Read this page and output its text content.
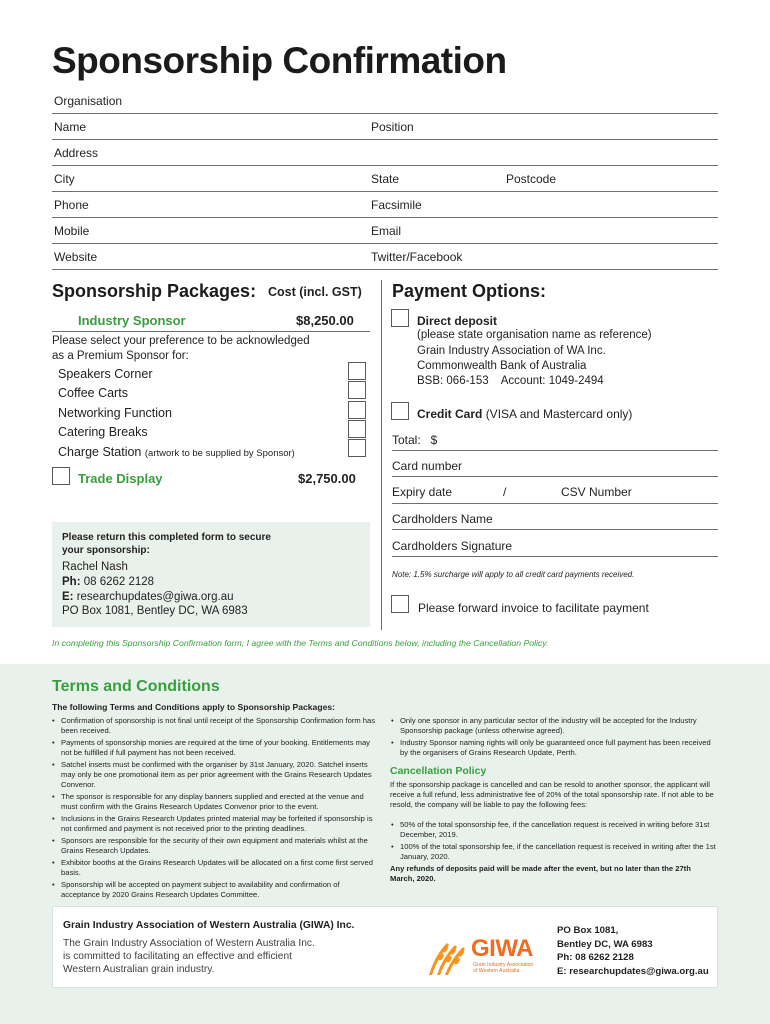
Sponsorship Confirmation
Organisation
Name	Position
Address
City	State	Postcode
Phone	Facsimile
Mobile	Email
Website	Twitter/Facebook
Sponsorship Packages: Cost (incl. GST)
Industry Sponsor	$8,250.00
Please select your preference to be acknowledged
as a Premium Sponsor for:
Speakers Corner
Coffee Carts
Networking Function
Catering Breaks
Charge Station (artwork to be supplied by Sponsor)
Trade Display	$2,750.00
Please return this completed form to secure
your sponsorship:
Rachel Nash
Ph: 08 6262 2128
E: researchupdates@giwa.org.au
PO Box 1081, Bentley DC, WA 6983
Payment Options:
Direct deposit
(please state organisation name as reference)
Grain Industry Association of WA Inc.
Commonwealth Bank of Australia
BSB: 066-153    Account: 1049-2494
Credit Card (VISA and Mastercard only)
Total:   $
Card number
Expiry date	/	CSV Number
Cardholders Name
Cardholders Signature
Note: 1.5% surcharge will apply to all credit card payments received.
Please forward invoice to facilitate payment
In completing this Sponsorship Confirmation form, I agree with the Terms and Conditions below, including the Cancellation Policy.
Terms and Conditions
The following Terms and Conditions apply to Sponsorship Packages:
• Confirmation of sponsorship is not final until receipt of the Sponsorship Confirmation form has been received.
• Payments of sponsorship monies are required at the time of your booking. Entitlements may not be fulfilled if full payment has not been received.
• Satchel inserts must be confirmed with the organiser by 31st January, 2020. Satchel inserts may only be one promotional item as per prior agreement with the Grains Research Updates Convenor.
• The sponsor is responsible for any display banners supplied and erected at the venue and must confirm with the Grains Research Updates Convenor prior to the event.
• Inclusions in the Grains Research Updates printed material may be forfeited if sponsorship is not confirmed and payment is not received prior to the printing deadlines.
• Sponsors are responsible for the security of their own equipment and materials whilst at the Grains Research Updates.
• Exhibitor booths at the Grains Research Updates will be allocated on a first come first served basis.
• Sponsorship will be accepted on payment subject to availability and confirmation of acceptance by 2020 Grains Research Updates Committee.
• Only one sponsor in any particular sector of the industry will be accepted for the Industry Sponsorship package (unless otherwise agreed).
• Industry Sponsor naming rights will only be guaranteed once full payment has been received by the organisers of Grains Research Update, Perth.
Cancellation Policy
If the sponsorship package is cancelled and can be resold to another sponsor, the applicant will receive a full refund, less administrative fee of 20% of the total sponsorship rate. If not able to be resold, the company will be liable to pay the following fees:
• 50% of the total sponsorship fee, if the cancellation request is received in writing before 31st December, 2019.
• 100% of the total sponsorship fee, if the cancellation request is received in writing after the 1st January, 2020.
Any refunds of deposits paid will be made after the event, but no later than the 27th March, 2020.
Grain Industry Association of Western Australia (GIWA) Inc.
The Grain Industry Association of Western Australia Inc.
is committed to facilitating an effective and efficient
Western Australian grain industry.
GIWA
Grain Industry Association
of Western Australia
PO Box 1081,
Bentley DC, WA 6983
Ph: 08 6262 2128
E: researchupdates@giwa.org.au
